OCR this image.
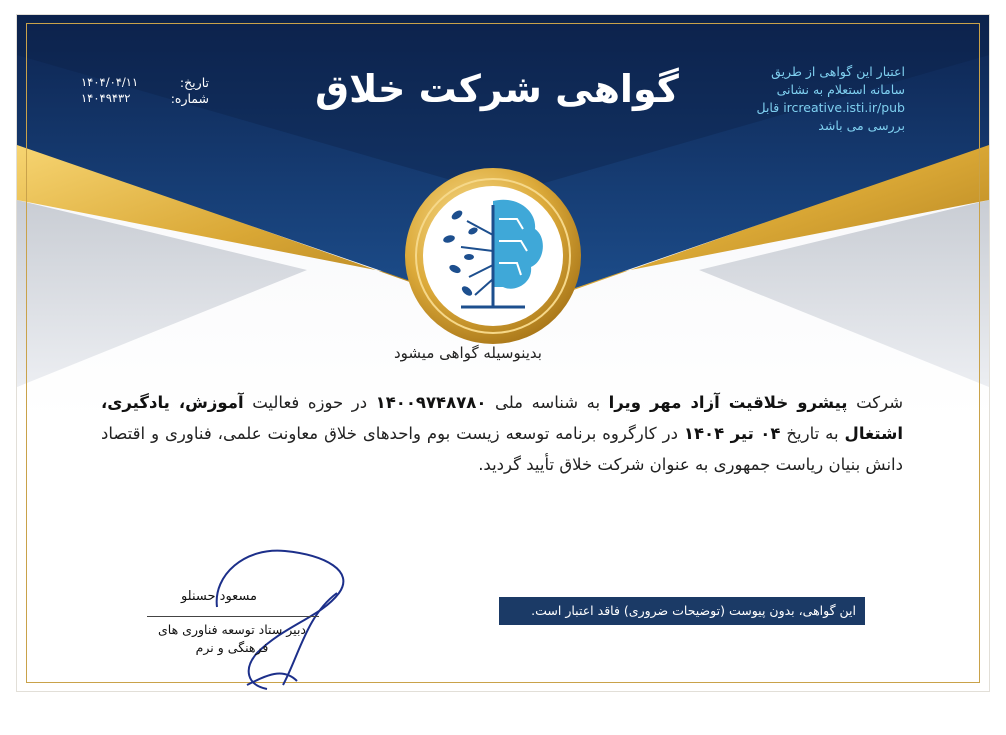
گواهی شرکت خلاق
تاریخ:
شماره:
۱۴۰۴/۰۴/۱۱
۱۴۰۴۹۴۳۲
اعتبار این گواهی از طریق
سامانه استعلام به نشانی
ircreative.isti.ir/pub قابل
بررسی می باشد
بدینوسیله گواهی میشود
شرکت پیشرو خلاقیت آزاد مهر ویرا به شناسه ملی ۱۴۰۰۹۷۴۸۷۸۰ در حوزه فعالیت آموزش، یادگیری، اشتغال به تاریخ ۰۴ تیر ۱۴۰۴ در کارگروه برنامه توسعه زیست بوم واحدهای خلاق معاونت علمی، فناوری و اقتصاد دانش بنیان ریاست جمهوری به عنوان شرکت خلاق تأیید گردید.
مسعود حسنلو
دبیر ستاد توسعه فناوری های
فرهنگی و نرم
این گواهی، بدون پیوست (توضیحات ضروری) فاقد اعتبار است.
